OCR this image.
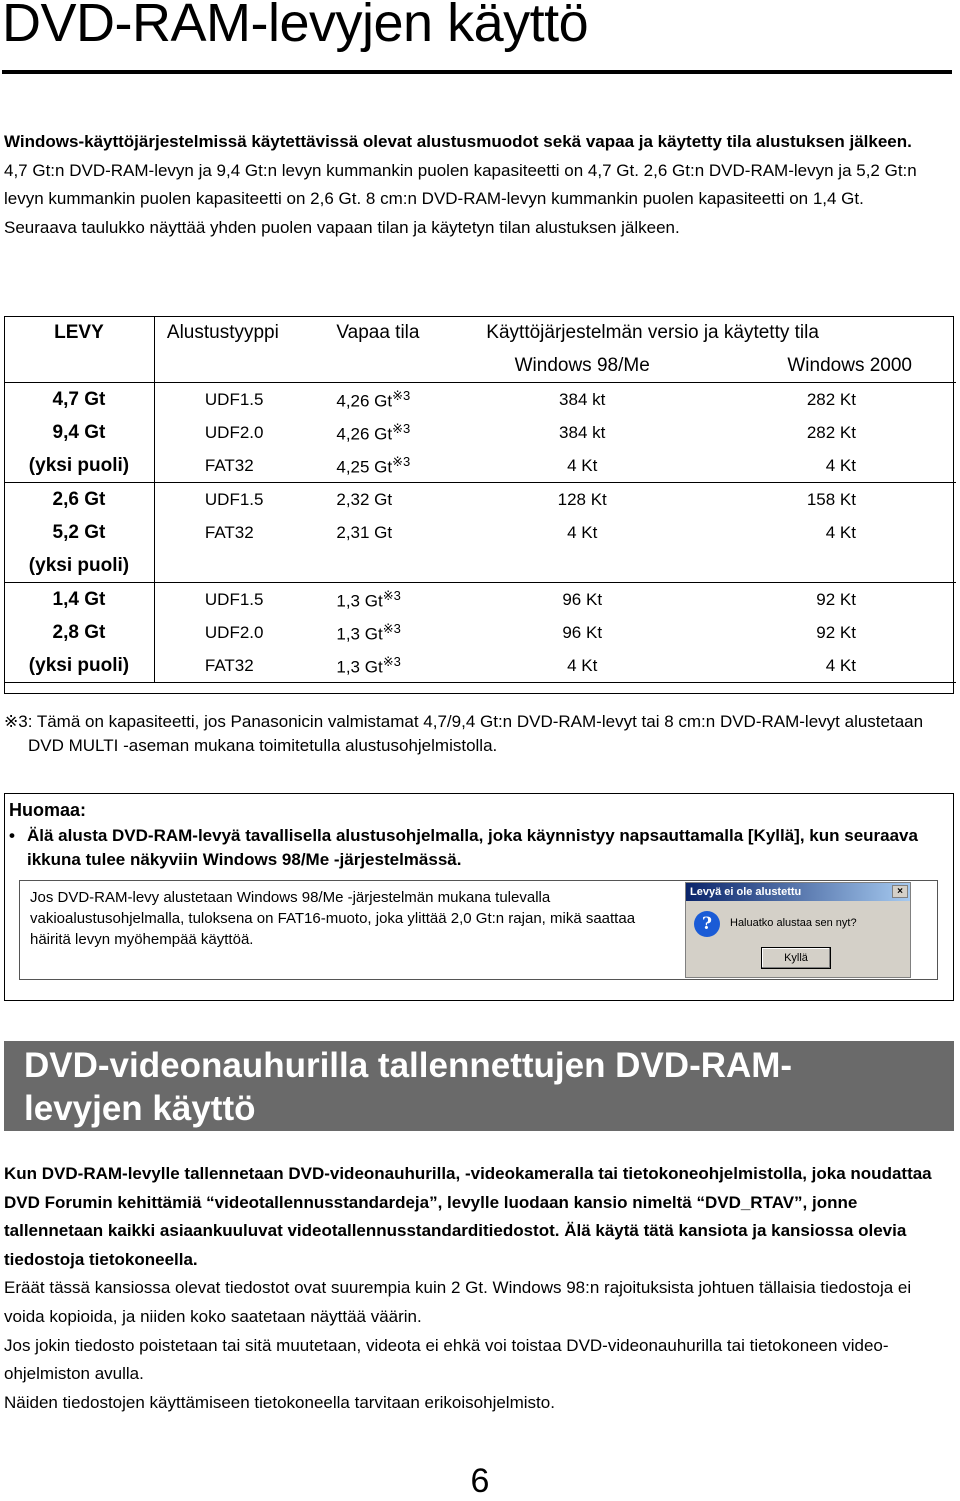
DVD-RAM-levyjen käyttö

Windows-käyttöjärjestelmissä käytettävissä olevat alustusmuodot sekä vapaa ja käytetty tila alustuksen jälkeen.

4,7 Gt:n DVD-RAM-levyn ja 9,4 Gt:n levyn kummankin puolen kapasiteetti on 4,7 Gt. 2,6 Gt:n DVD-RAM-levyn ja 5,2 Gt:n levyn kummankin puolen kapasiteetti on 2,6 Gt. 8 cm:n DVD-RAM-levyn kummankin puolen kapasiteetti on 1,4 Gt.

Seuraava taulukko näyttää yhden puolen vapaan tilan ja käytetyn tilan alustuksen jälkeen.

LEVY	Alustustyyppi	Vapaa tila	Käyttöjärjestelmän versio ja käytetty tila	
			Windows 98/Me	Windows 2000
4,7 Gt	UDF1.5	4,26 Gt$^{※3}$	384 kt	282 Kt
9,4 Gt	UDF2.0	4,26 Gt$^{※3}$	384 kt	282 Kt
(yksi puoli)	FAT32	4,25 Gt$^{※3}$	4 Kt	4 Kt
2,6 Gt	UDF1.5	2,32 Gt	128 Kt	158 Kt
5,2 Gt	FAT32	2,31 Gt	4 Kt	4 Kt
(yksi puoli)				
1,4 Gt	UDF1.5	1,3 Gt$^{※3}$	96 Kt	92 Kt
2,8 Gt	UDF2.0	1,3 Gt$^{※3}$	96 Kt	92 Kt
(yksi puoli)	FAT32	1,3 Gt$^{※3}$	4 Kt	4 Kt

※3: Tämä on kapasiteetti, jos Panasonicin valmistamat 4,7/9,4 Gt:n DVD-RAM-levyt tai 8 cm:n DVD-RAM-levyt alustetaan DVD MULTI -aseman mukana toimitetulla alustusohjelmistolla.

Huomaa:

• Älä alusta DVD-RAM-levyä tavallisella alustusohjelmalla, joka käynnistyy napsauttamalla [Kyllä], kun seuraava ikkuna tulee näkyviin Windows 98/Me -järjestelmässä.
Jos DVD-RAM-levy alustetaan Windows 98/Me -järjestelmän mukana tulevalla vakioalustusohjelmalla, tuloksena on FAT16-muoto, joka ylittää 2,0 Gt:n rajan, mikä saattaa häiritä levyn myöhempää käyttöä.
Levyä ei ole alustettu	×
?	Haluatko alustaa sen nyt?
Kyllä
DVD-videonauhurilla tallennettujen DVD-RAM-levyjen käyttö

Kun DVD-RAM-levylle tallennetaan DVD-videonauhurilla, -videokameralla tai tietokoneohjelmistolla, joka noudattaa DVD Forumin kehittämiä “videotallennusstandardeja”, levylle luodaan kansio nimeltä “DVD_RTAV”, jonne tallennetaan kaikki asiaankuuluvat videotallennusstandarditiedostot. Älä käytä tätä kansiota ja kansiossa olevia tiedostoja tietokoneella.

Eräät tässä kansiossa olevat tiedostot ovat suurempia kuin 2 Gt. Windows 98:n rajoituksista johtuen tällaisia tiedostoja ei voida kopioida, ja niiden koko saatetaan näyttää väärin.

Jos jokin tiedosto poistetaan tai sitä muutetaan, videota ei ehkä voi toistaa DVD-videonauhurilla tai tietokoneen video-ohjelmiston avulla.

Näiden tiedostojen käyttämiseen tietokoneella tarvitaan erikoisohjelmisto.

6
